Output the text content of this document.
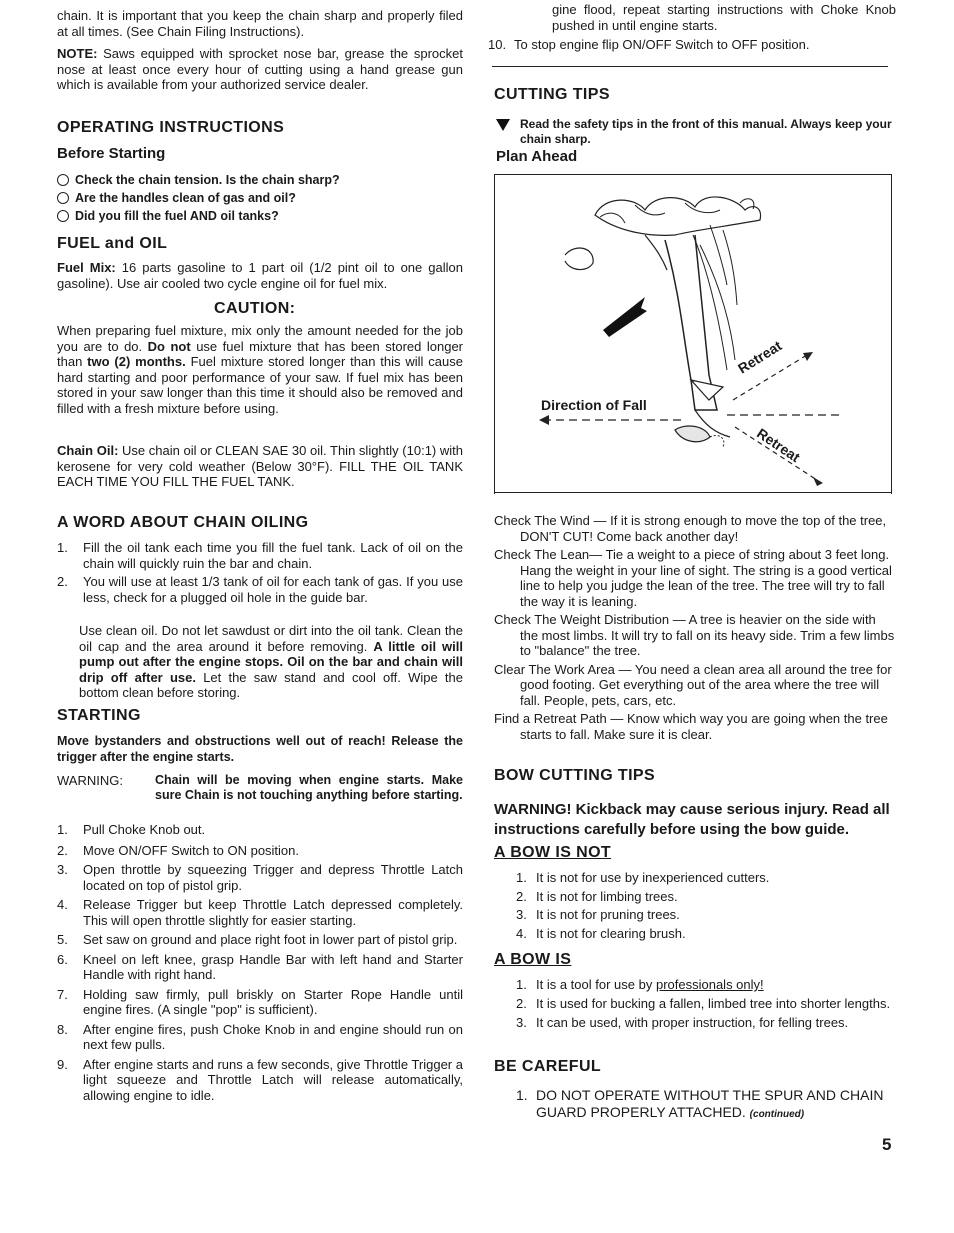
chain. It is important that you keep the chain sharp and properly filed at all times. (See Chain Filing Instructions).

NOTE: Saws equipped with sprocket nose bar, grease the sprocket nose at least once every hour of cutting using a hand grease gun which is available from your authorized service dealer.

OPERATING INSTRUCTIONS

Before Starting

Check the chain tension. Is the chain sharp?

Are the handles clean of gas and oil?

Did you fill the fuel AND oil tanks?

FUEL and OIL

Fuel Mix: 16 parts gasoline to 1 part oil (1/2 pint oil to one gallon gasoline). Use air cooled two cycle engine oil for fuel mix.

CAUTION:

When preparing fuel mixture, mix only the amount needed for the job you are to do. Do not use fuel mixture that has been stored longer than two (2) months. Fuel mixture stored longer than this will cause hard starting and poor performance of your saw. If fuel mix has been stored in your saw longer than this time it should also be removed and filled with a fresh mixture before using.

Chain Oil: Use chain oil or CLEAN SAE 30 oil. Thin slightly (10:1) with kerosene for very cold weather (Below 30°F). FILL THE OIL TANK EACH TIME YOU FILL THE FUEL TANK.

A WORD ABOUT CHAIN OILING

1.	Fill the oil tank each time you fill the fuel tank. Lack of oil on the chain will quickly ruin the bar and chain.
2.	You will use at least 1/3 tank of oil for each tank of gas. If you use less, check for a plugged oil hole in the guide bar.

Use clean oil. Do not let sawdust or dirt into the oil tank. Clean the oil cap and the area around it before removing. A little oil will pump out after the engine stops. Oil on the bar and chain will drip off after use. Let the saw stand and cool off. Wipe the bottom clean before storing.

STARTING

Move bystanders and obstructions well out of reach! Release the trigger after the engine starts.

WARNING:	Chain will be moving when engine starts. Make sure Chain is not touching anything before starting.
1.	Pull Choke Knob out.
2.	Move ON/OFF Switch to ON position.
3.	Open throttle by squeezing Trigger and depress Throttle Latch located on top of pistol grip.
4.	Release Trigger but keep Throttle Latch depressed completely. This will open throttle slightly for easier starting.
5.	Set saw on ground and place right foot in lower part of pistol grip.
6.	Kneel on left knee, grasp Handle Bar with left hand and Starter Handle with right hand.
7.	Holding saw firmly, pull briskly on Starter Rope Handle until engine fires. (A single "pop" is sufficient).
8.	After engine fires, push Choke Knob in and engine should run on next few pulls.
9.	After engine starts and runs a few seconds, give Throttle Trigger a light squeeze and Throttle Latch will release automatically, allowing engine to idle.

gine flood, repeat starting instructions with Choke Knob pushed in until engine starts.

10. To stop engine flip ON/OFF Switch to OFF position.

CUTTING TIPS

Read the safety tips in the front of this manual. Always keep your chain sharp.

Plan Ahead

Direction of Fall
Retreat
Retreat

Check The Wind — If it is strong enough to move the top of the tree, DON'T CUT! Come back another day!

Check The Lean— Tie a weight to a piece of string about 3 feet long. Hang the weight in your line of sight. The string is a good vertical line to help you judge the lean of the tree. The tree will try to fall the way it is leaning.

Check The Weight Distribution — A tree is heavier on the side with the most limbs. It will try to fall on its heavy side. Trim a few limbs to "balance" the tree.

Clear The Work Area — You need a clean area all around the tree for good footing. Get everything out of the area where the tree will fall. People, pets, cars, etc.

Find a Retreat Path — Know which way you are going when the tree starts to fall. Make sure it is clear.

BOW CUTTING TIPS

WARNING! Kickback may cause serious injury. Read all instructions carefully before using the bow guide.

A BOW IS NOT

1. It is not for use by inexperienced cutters.
2. It is not for limbing trees.
3. It is not for pruning trees.
4. It is not for clearing brush.

A BOW IS

1. It is a tool for use by professionals only!
2. It is used for bucking a fallen, limbed tree into shorter lengths.
3. It can be used, with proper instruction, for felling trees.

BE CAREFUL

1. DO NOT OPERATE WITHOUT THE SPUR AND CHAIN GUARD PROPERLY ATTACHED. (continued)
5
